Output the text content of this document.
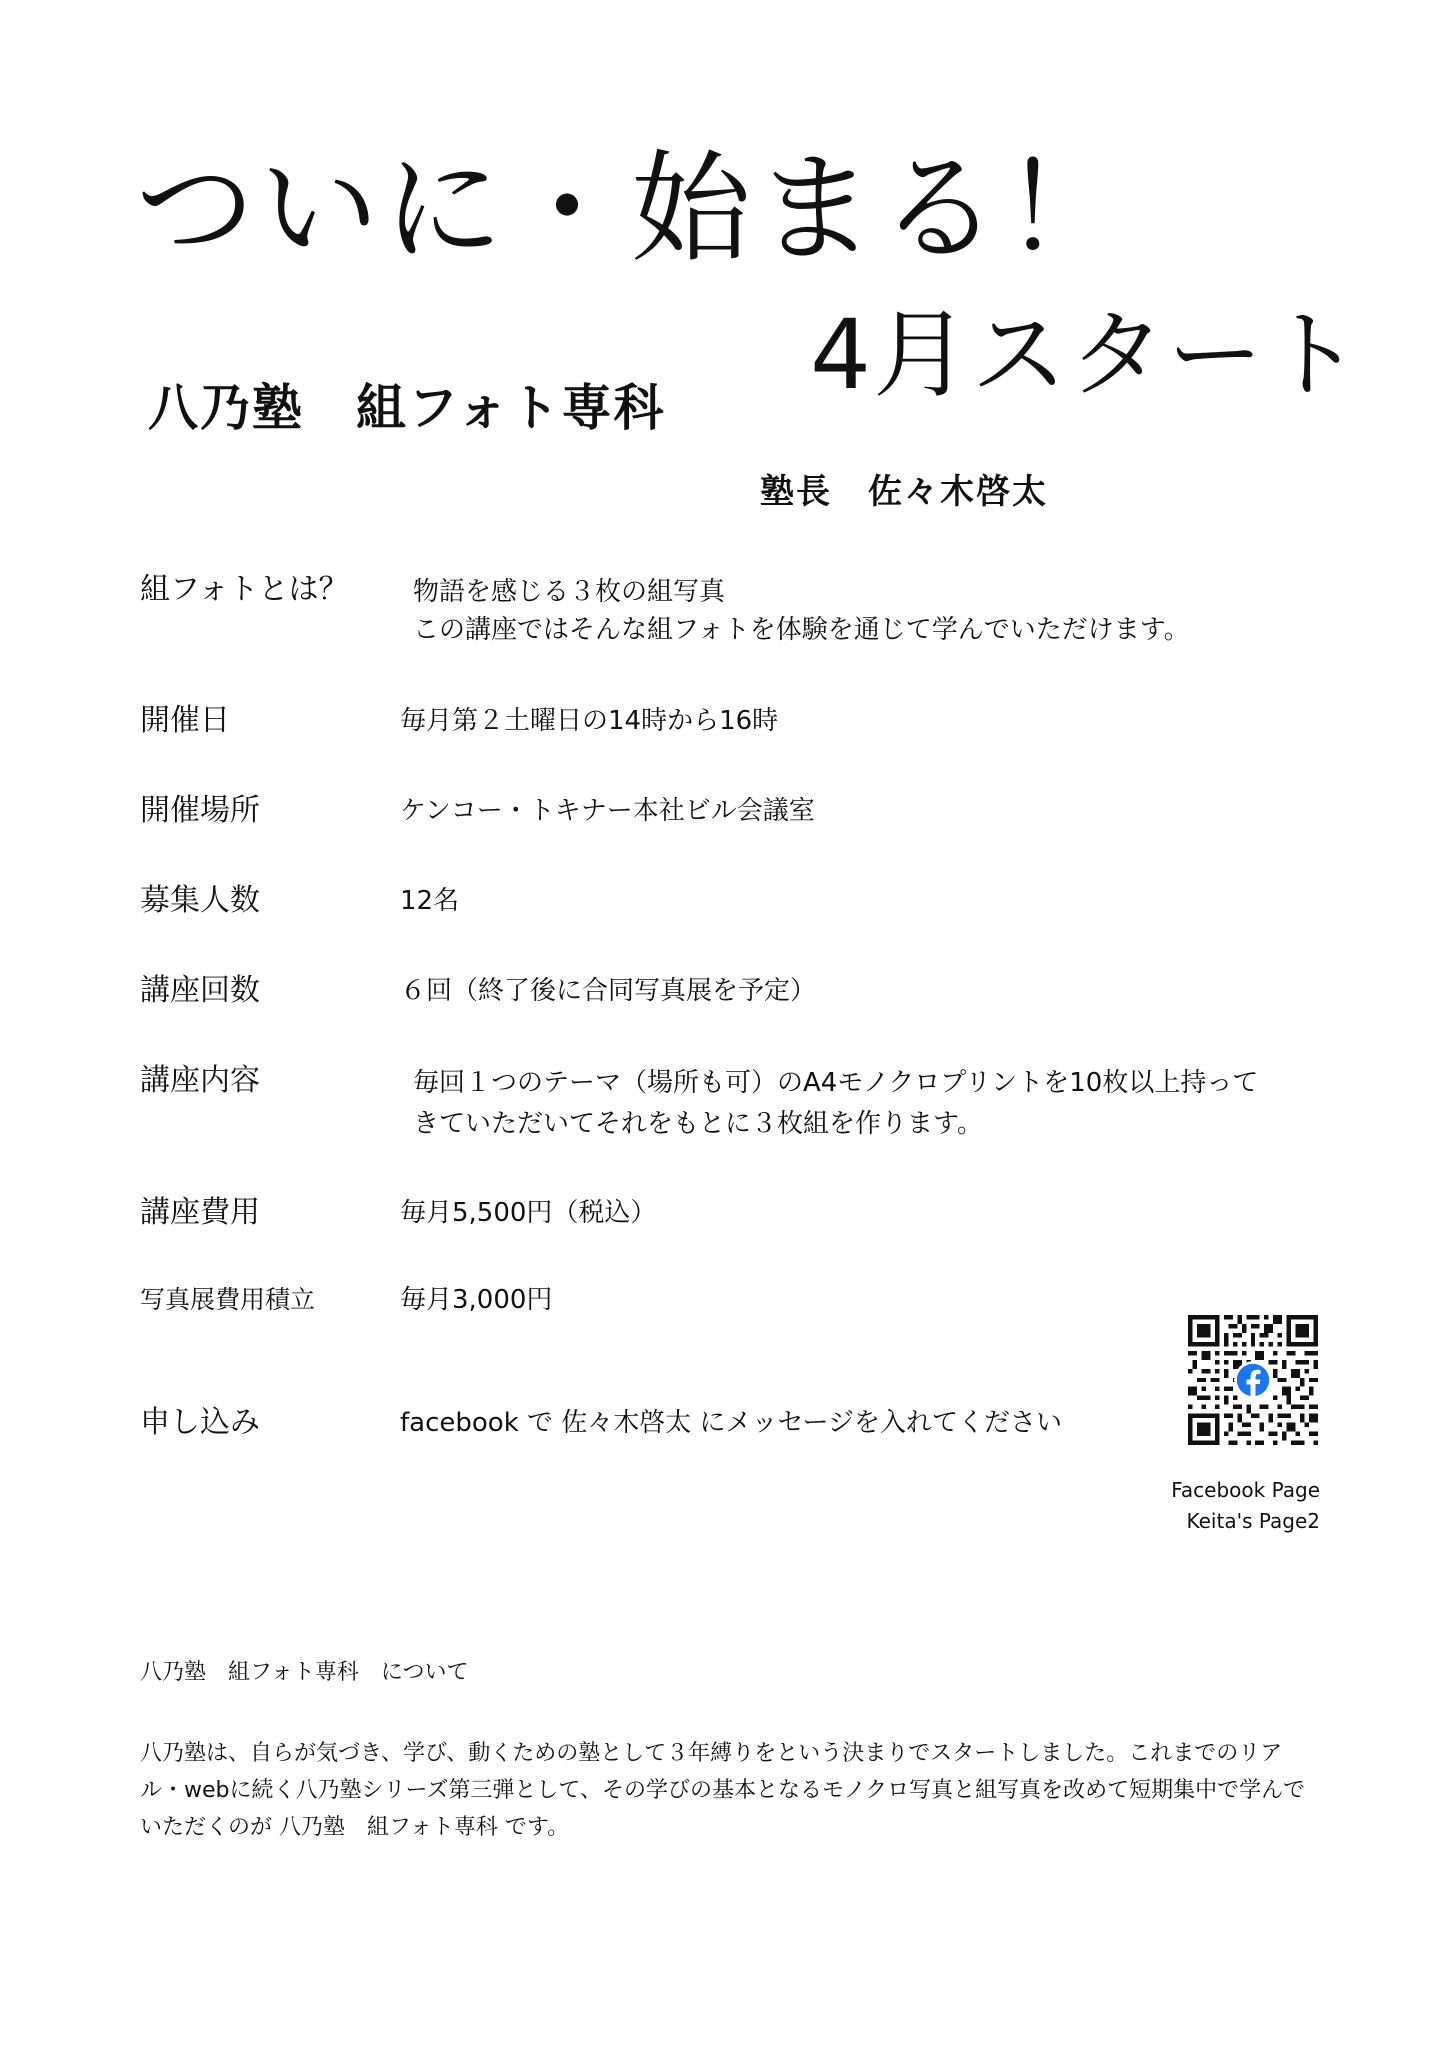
ついに・始まる！
4月スタート
八乃塾　組フォト専科
塾長　佐々木啓太
組フォトとは？ 物語を感じる３枚の組写真
この講座ではそんな組フォトを体験を通じて学んでいただけます。
開催日	毎月第２土曜日の14時から16時
開催場所	ケンコー・トキナー本社ビル会議室
募集人数	12名
講座回数	６回（終了後に合同写真展を予定）
講座内容	毎回１つのテーマ（場所も可）のA4モノクロプリントを10枚以上持って
きていただいてそれをもとに３枚組を作ります。
講座費用	毎月5,500円（税込）
写真展費用積立	毎月3,000円
申し込み	facebook で 佐々木啓太 にメッセージを入れてください
Facebook Page
Keita's Page2
八乃塾　組フォト専科　について
八乃塾は、自らが気づき、学び、動くための塾として３年縛りをという決まりでスタートしました。これまでのリアル・webに続く八乃塾シリーズ第三弾として、その学びの基本となるモノクロ写真と組写真を改めて短期集中で学んでいただくのが 八乃塾　組フォト専科 です。
